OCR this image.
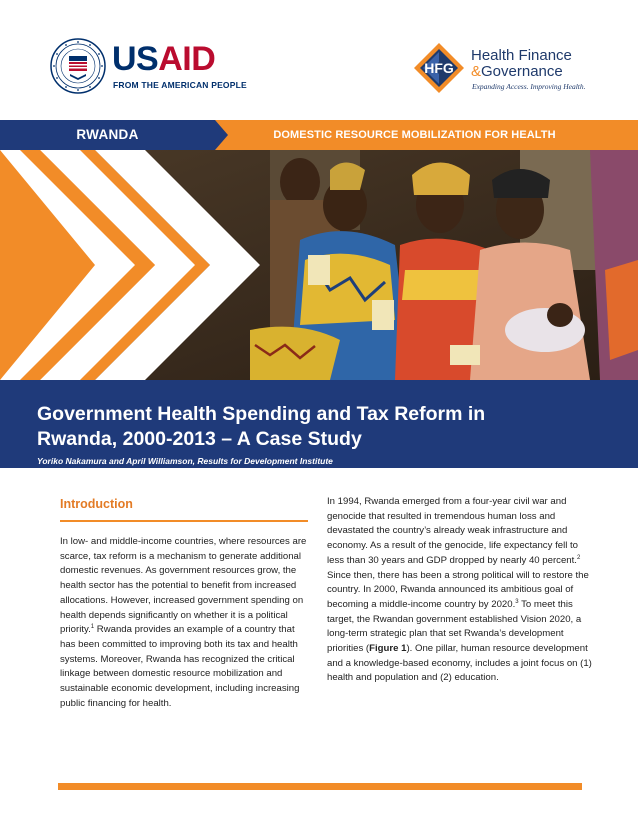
USAID
FROM THE AMERICAN PEOPLE
HFG
Health Finance
&Governance
Expanding Access. Improving Health.
RWANDA	DOMESTIC RESOURCE MOBILIZATION FOR HEALTH
Government Health Spending and Tax Reform in
Rwanda, 2000-2013 – A Case Study
Yoriko Nakamura and April Williamson, Results for Development Institute
Introduction

In low- and middle-income countries, where resources are scarce, tax reform is a mechanism to generate additional domestic revenues. As government resources grow, the health sector has the potential to benefit from increased allocations. However, increased government spending on health depends significantly on whether it is a political priority.$^1$ Rwanda provides an example of a country that has been committed to improving both its tax and health systems. Moreover, Rwanda has recognized the critical linkage between domestic resource mobilization and sustainable economic development, including increasing public financing for health.

In 1994, Rwanda emerged from a four-year civil war and genocide that resulted in tremendous human loss and devastated the country’s already weak infrastructure and economy. As a result of the genocide, life expectancy fell to less than 30 years and GDP dropped by nearly 40 percent.$^2$ Since then, there has been a strong political will to restore the country. In 2000, Rwanda announced its ambitious goal of becoming a middle-income country by 2020.$^3$ To meet this target, the Rwandan government established Vision 2020, a long-term strategic plan that set Rwanda’s development priorities (Figure 1). One pillar, human resource development and a knowledge-based economy, includes a joint focus on (1) health and population and (2) education.
